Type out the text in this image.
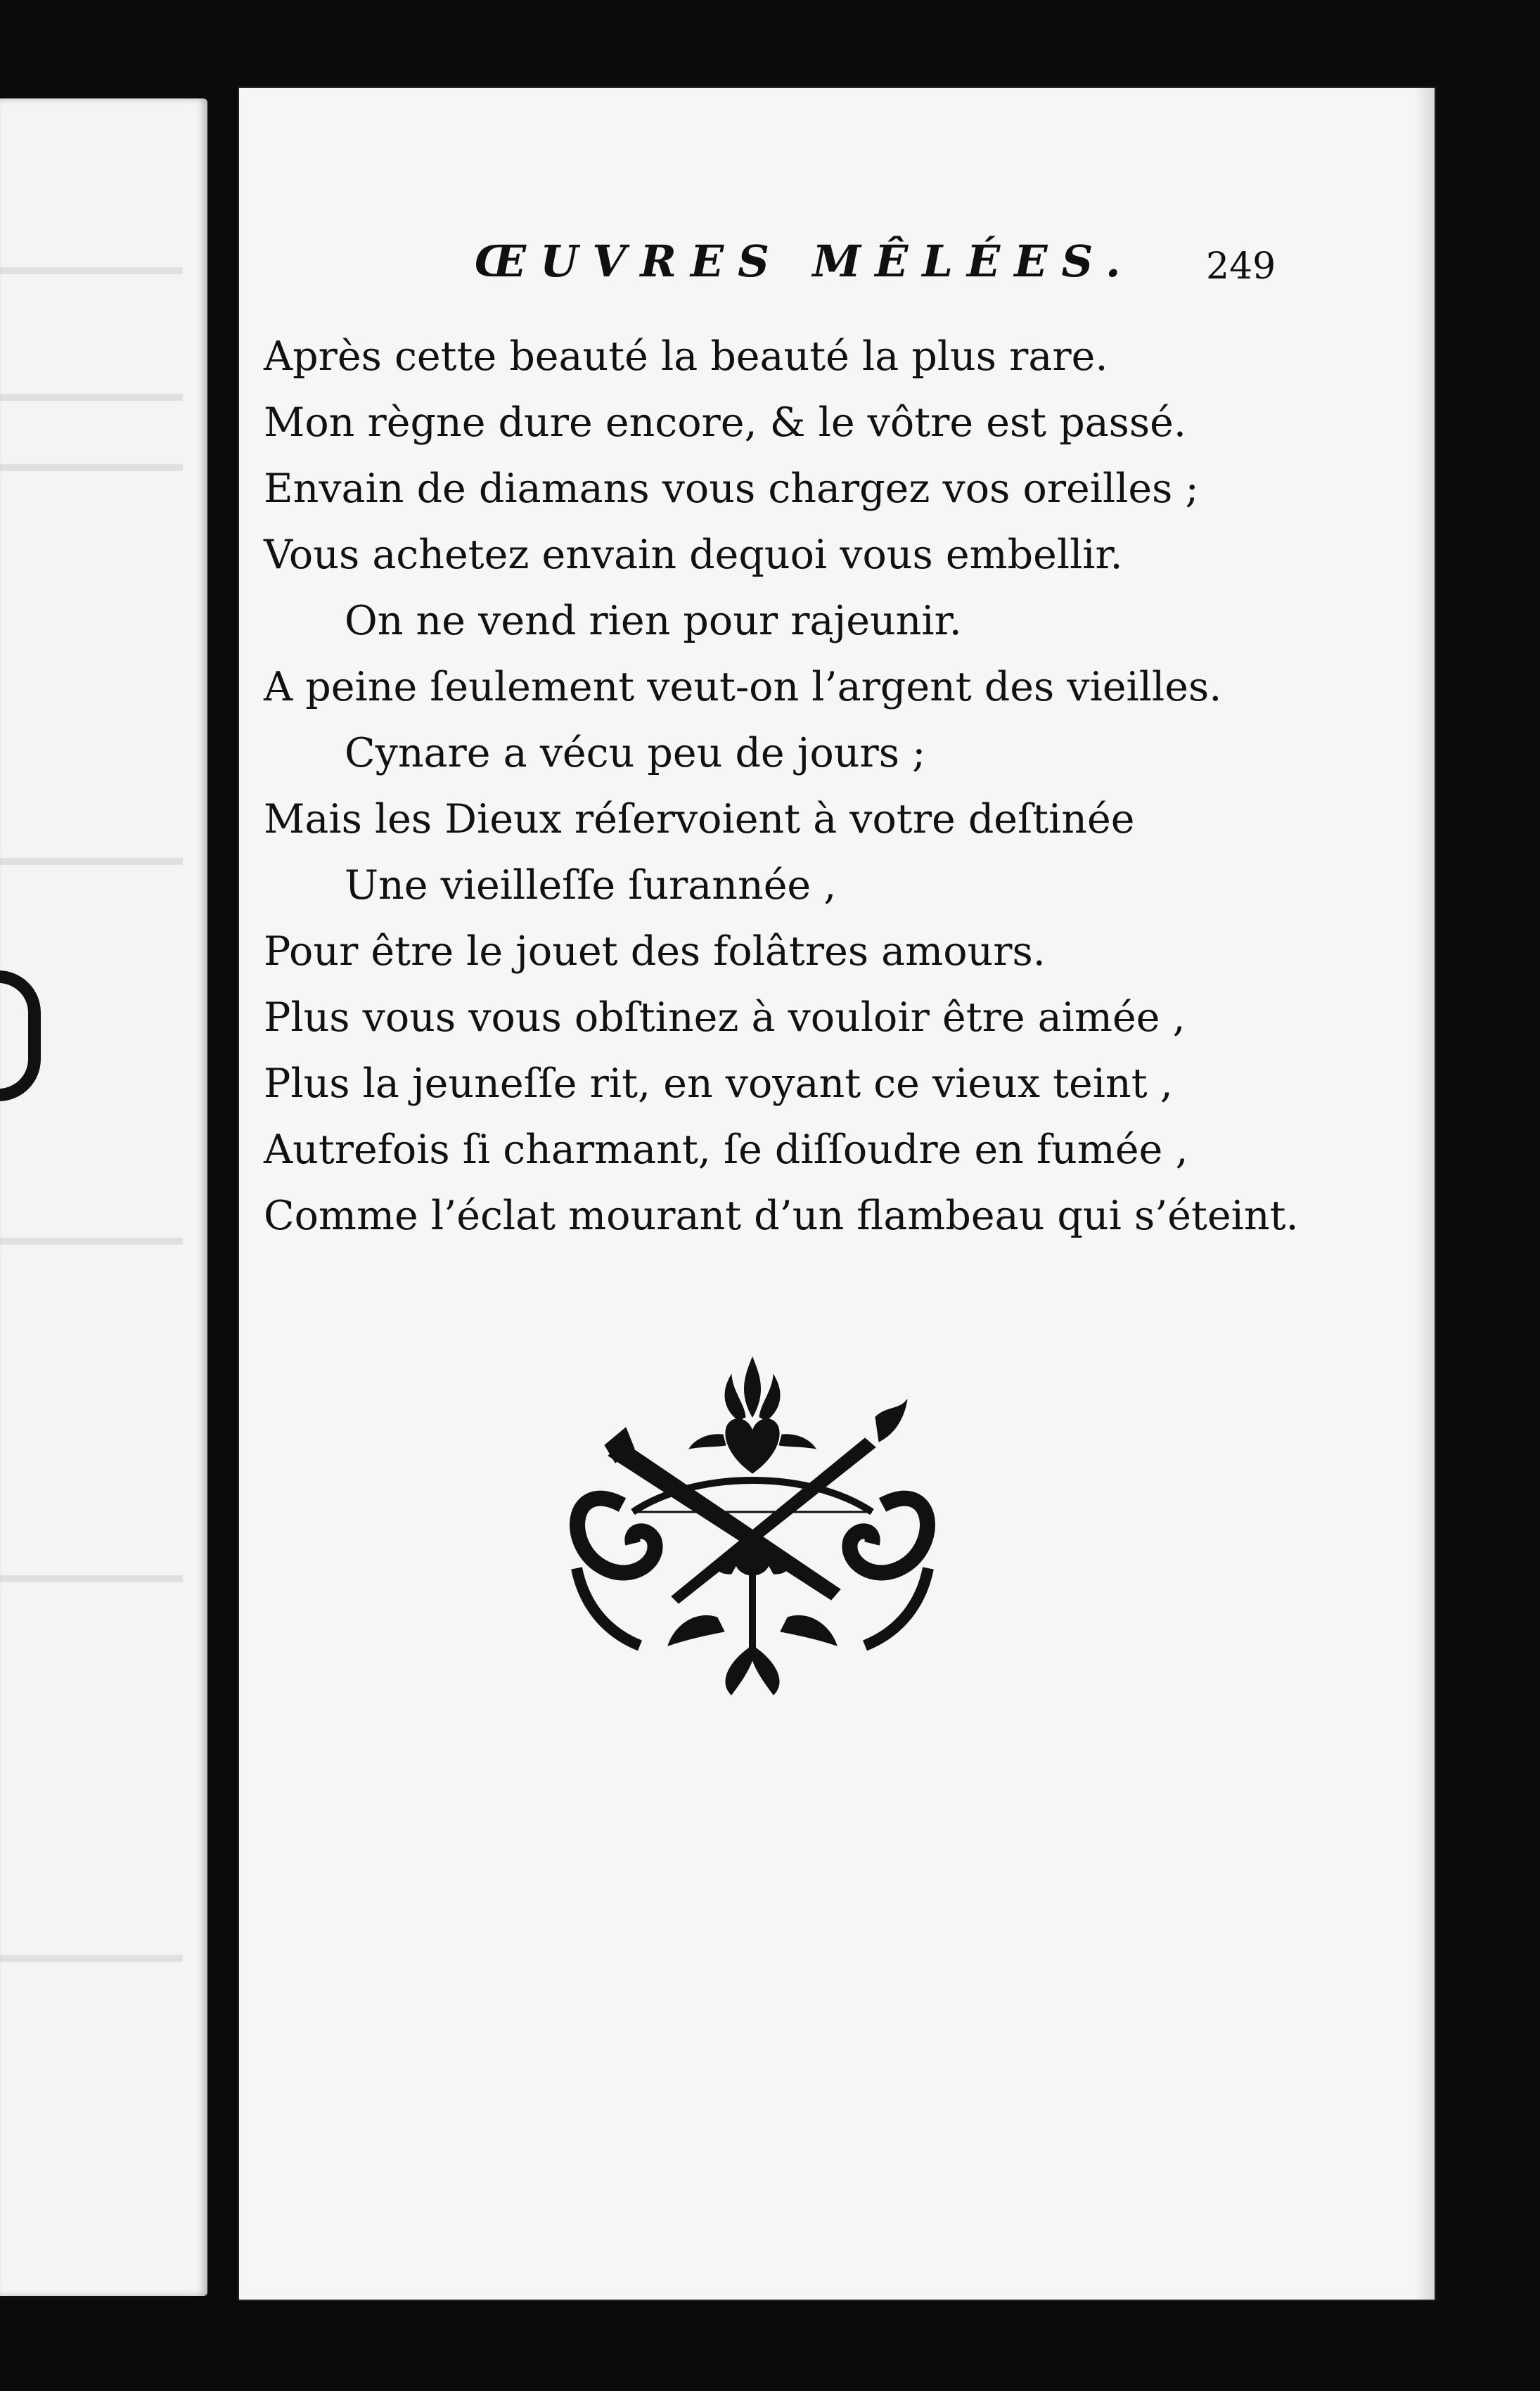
ŒUVRES MÊLÉES. 249
Après cette beauté la beauté la plus rare.
Mon règne dure encore, & le vôtre est passé.
Envain de diamans vous chargez vos oreilles ;
Vous achetez envain dequoi vous embellir.
On ne vend rien pour rajeunir.
A peine ſeulement veut-on l’argent des vieilles.
Cynare a vécu peu de jours ;
Mais les Dieux réſervoient à votre deſtinée
Une vieilleſſe ſurannée ,
Pour être le jouet des folâtres amours.
Plus vous vous obſtinez à vouloir être aimée ,
Plus la jeuneſſe rit, en voyant ce vieux teint ,
Autrefois ſi charmant, ſe diſſoudre en fumée ,
Comme l’éclat mourant d’un flambeau qui s’éteint.
